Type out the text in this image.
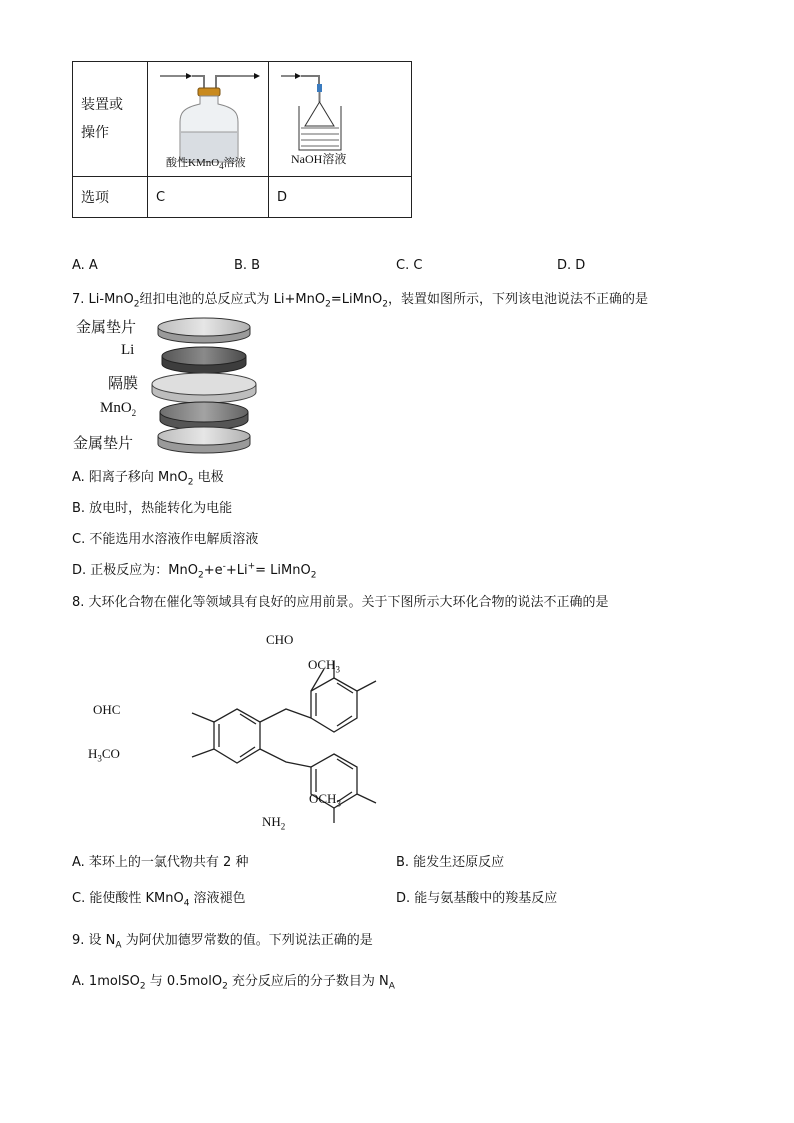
装置或
操作	酸性KMnO$_4$溶液	NaOH溶液

选项	C	D
A. A	B. B	C. C	D. D
7. Li-MnO$_2$纽扣电池的总反应式为 Li+MnO$_2$=LiMnO$_2$，装置如图所示，下列该电池说法不正确的是
金属垫片
Li
隔膜
MnO$_2$
金属垫片
A. 阳离子移向 MnO$_2$ 电极
B. 放电时，热能转化为电能
C. 不能选用水溶液作电解质溶液
D. 正极反应为：MnO$_2$+e-+Li+= LiMnO$_2$
8. 大环化合物在催化等领域具有良好的应用前景。关于下图所示大环化合物的说法不正确的是
CHO
$OCH_3$
OHC
$H_3CO$
$OCH_3$
$NH_2$
A. 苯环上的一氯代物共有 2 种	B. 能发生还原反应
C. 能使酸性 KMnO$_4$ 溶液褪色	D. 能与氨基酸中的羧基反应
9. 设 $N_A$ 为阿伏加德罗常数的值。下列说法正确的是
A. 1molSO$_2$ 与 0.5molO$_2$ 充分反应后的分子数目为 $N_A$
